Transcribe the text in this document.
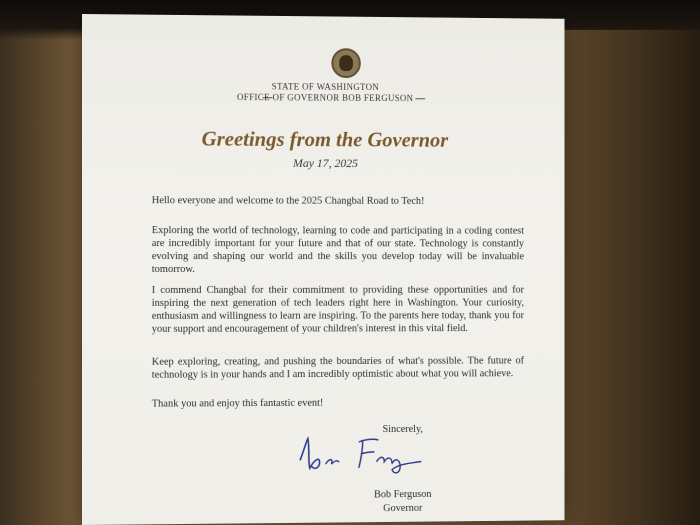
STATE OF WASHINGTON
OFFICE OF GOVERNOR BOB FERGUSON
Greetings from the Governor
May 17, 2025
Hello everyone and welcome to the 2025 Changbal Road to Tech!
Exploring the world of technology, learning to code and participating in a coding contest are incredibly important for your future and that of our state. Technology is constantly evolving and shaping our world and the skills you develop today will be invaluable tomorrow.
I commend Changbal for their commitment to providing these opportunities and for inspiring the next generation of tech leaders right here in Washington. Your curiosity, enthusiasm and willingness to learn are inspiring. To the parents here today, thank you for your support and encouragement of your children's interest in this vital field.
Keep exploring, creating, and pushing the boundaries of what's possible. The future of technology is in your hands and I am incredibly optimistic about what you will achieve.
Thank you and enjoy this fantastic event!
Sincerely,
Bob Ferguson
Governor
